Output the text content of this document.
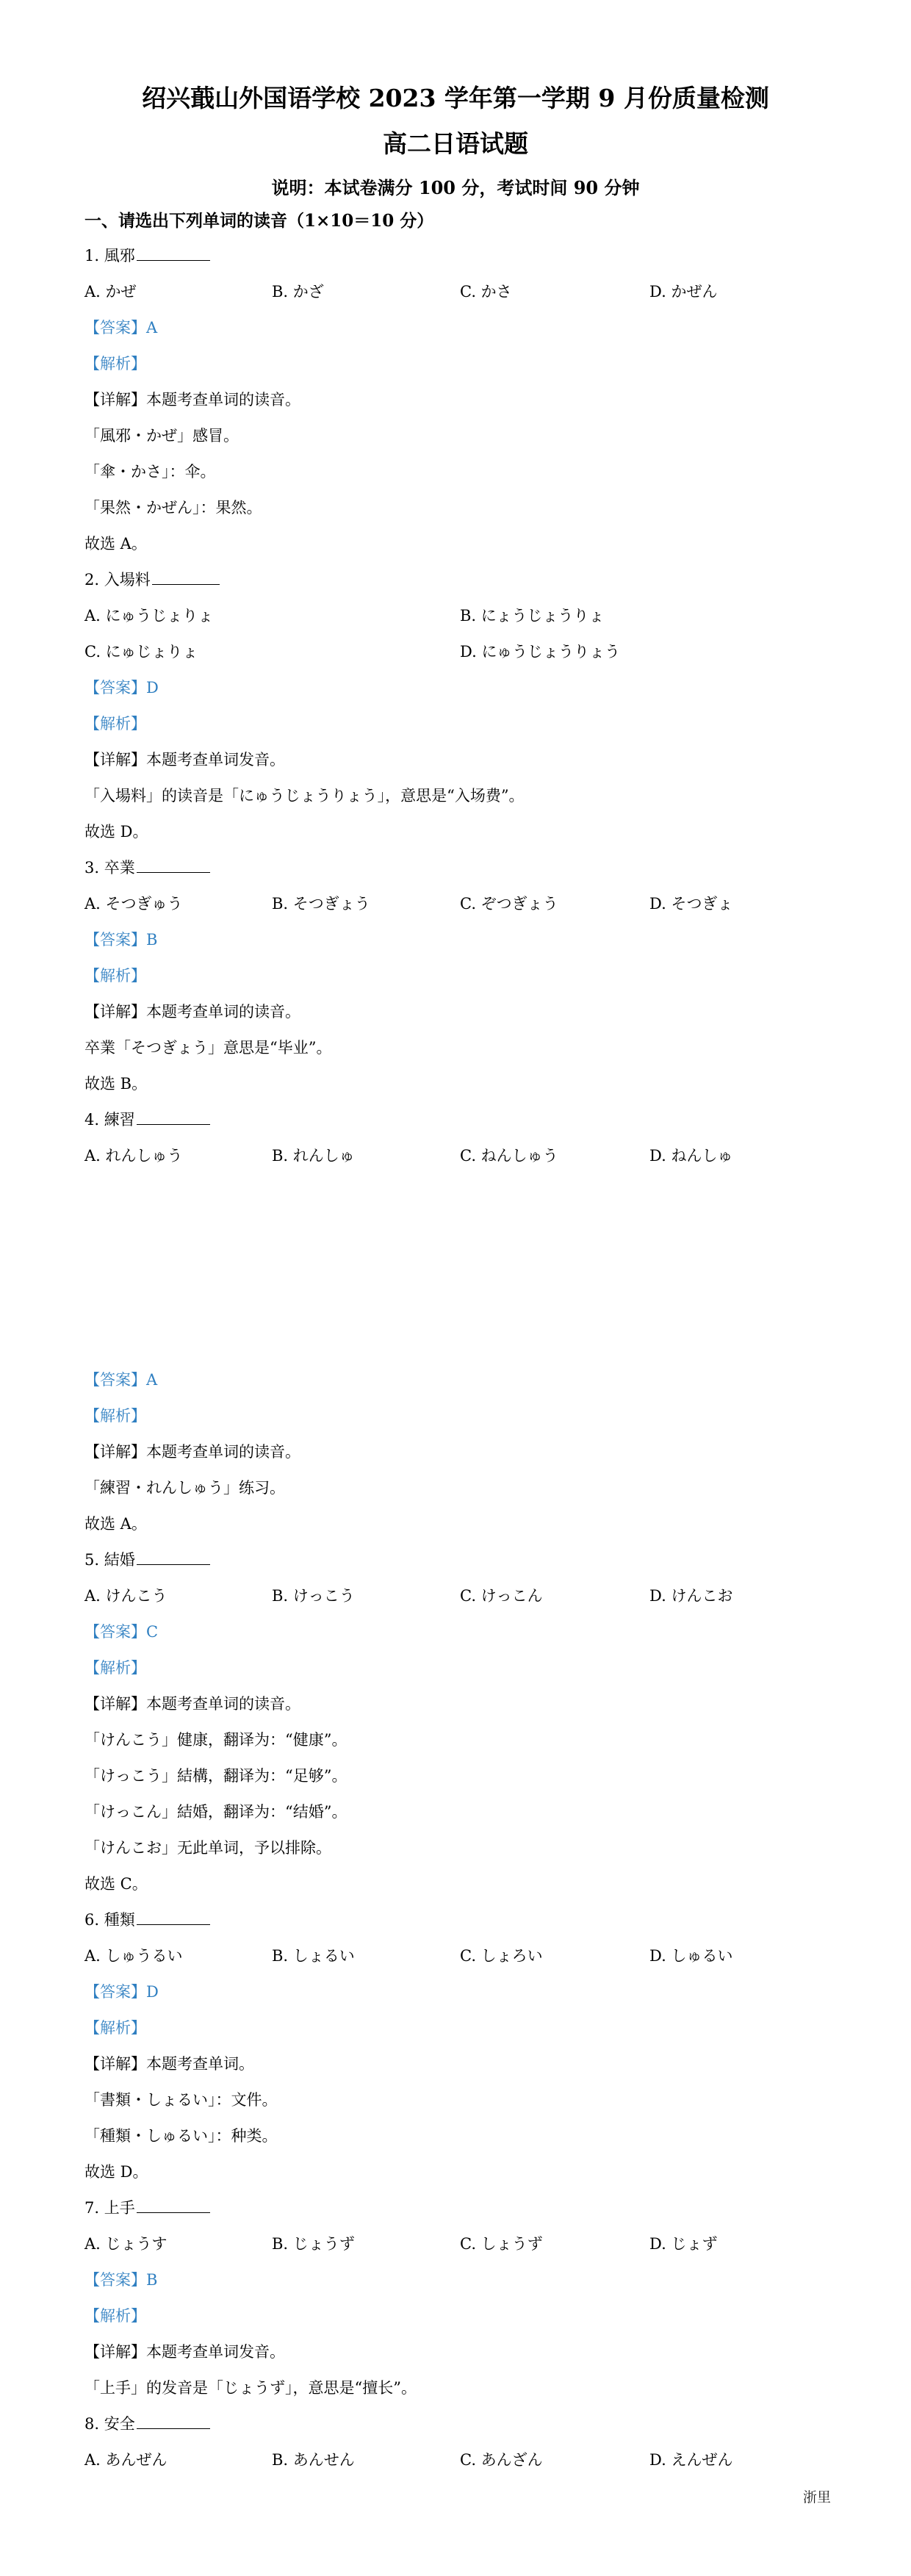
绍兴蕺山外国语学校 2023 学年第一学期 9 月份质量检测
高二日语试题
说明：本试卷满分 100 分，考试时间 90 分钟
一、请选出下列单词的读音（1×10＝10 分）
1. 風邪
A. かぜ	B. かざ	C. かさ	D. かぜん
【答案】A
【解析】
【详解】本题考查单词的读音。
「風邪・かぜ」感冒。
「傘・かさ」：伞。
「果然・かぜん」：果然。
故选 A。
2. 入場料
A. にゅうじょりょ	B. にょうじょうりょ
C. にゅじょりょ	D. にゅうじょうりょう
【答案】D
【解析】
【详解】本题考查单词发音。
「入場料」的读音是「にゅうじょうりょう」，意思是“入场费”。
故选 D。
3. 卒業
A. そつぎゅう	B. そつぎょう	C. ぞつぎょう	D. そつぎょ
【答案】B
【解析】
【详解】本题考查单词的读音。
卒業「そつぎょう」意思是“毕业”。
故选 B。
4. 練習
A. れんしゅう	B. れんしゅ	C. ねんしゅう	D. ねんしゅ
【答案】A
【解析】
【详解】本题考查单词的读音。
「練習・れんしゅう」练习。
故选 A。
5. 結婚
A. けんこう	B. けっこう	C. けっこん	D. けんこお
【答案】C
【解析】
【详解】本题考查单词的读音。
「けんこう」健康，翻译为：“健康”。
「けっこう」結構，翻译为：“足够”。
「けっこん」結婚，翻译为：“结婚”。
「けんこお」无此单词，予以排除。
故选 C。
6. 種類
A. しゅうるい	B. しょるい	C. しょろい	D. しゅるい
【答案】D
【解析】
【详解】本题考查单词。
「書類・しょるい」：文件。
「種類・しゅるい」：种类。
故选 D。
7. 上手
A. じょうす	B. じょうず	C. しょうず	D. じょず
【答案】B
【解析】
【详解】本题考查单词发音。
「上手」的发音是「じょうず」，意思是“擅长”。
8. 安全
A. あんぜん	B. あんせん	C. あんざん	D. えんぜん
浙里
